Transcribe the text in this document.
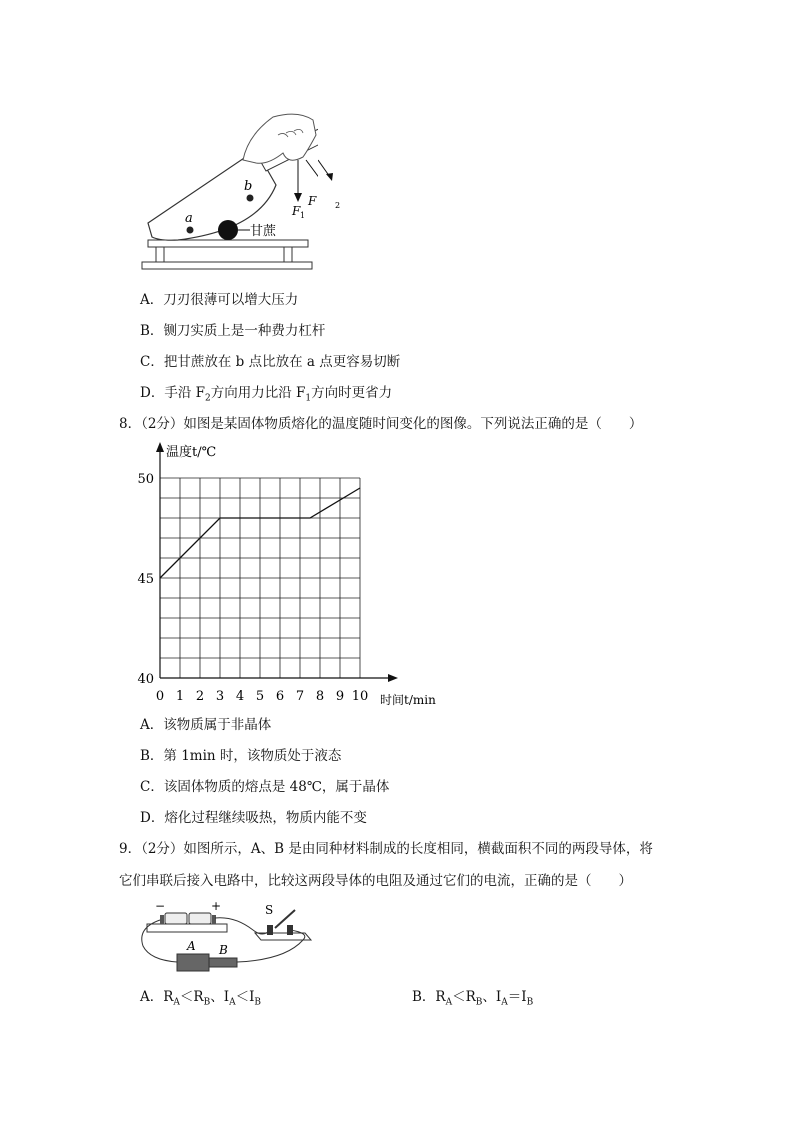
a
b
甘蔗
F 1
F 2
A．刀刃很薄可以增大压力
B．铡刀实质上是一种费力杠杆
C．把甘蔗放在 b 点比放在 a 点更容易切断
D．手沿 $F_2$方向用力比沿 $F_1$方向时更省力
8．（2分）如图是某固体物质熔化的温度随时间变化的图像。下列说法正确的是（　　）
温度t/℃
时间t/min
0 1 2 3 4 5 6 7 8 9 10
40
45
50
A．该物质属于非晶体
B．第 1min 时，该物质处于液态
C．该固体物质的熔点是 48℃，属于晶体
D．熔化过程继续吸热，物质内能不变
9．（2分）如图所示，A、B 是由同种材料制成的长度相同，横截面积不同的两段导体，将
它们串联后接入电路中，比较这两段导体的电阻及通过它们的电流，正确的是（　　）
−	+	S
A B
A．$R_A<R_B$、$I_A<I_B$	B．$R_A<R_B$、$I_A=I_B$
